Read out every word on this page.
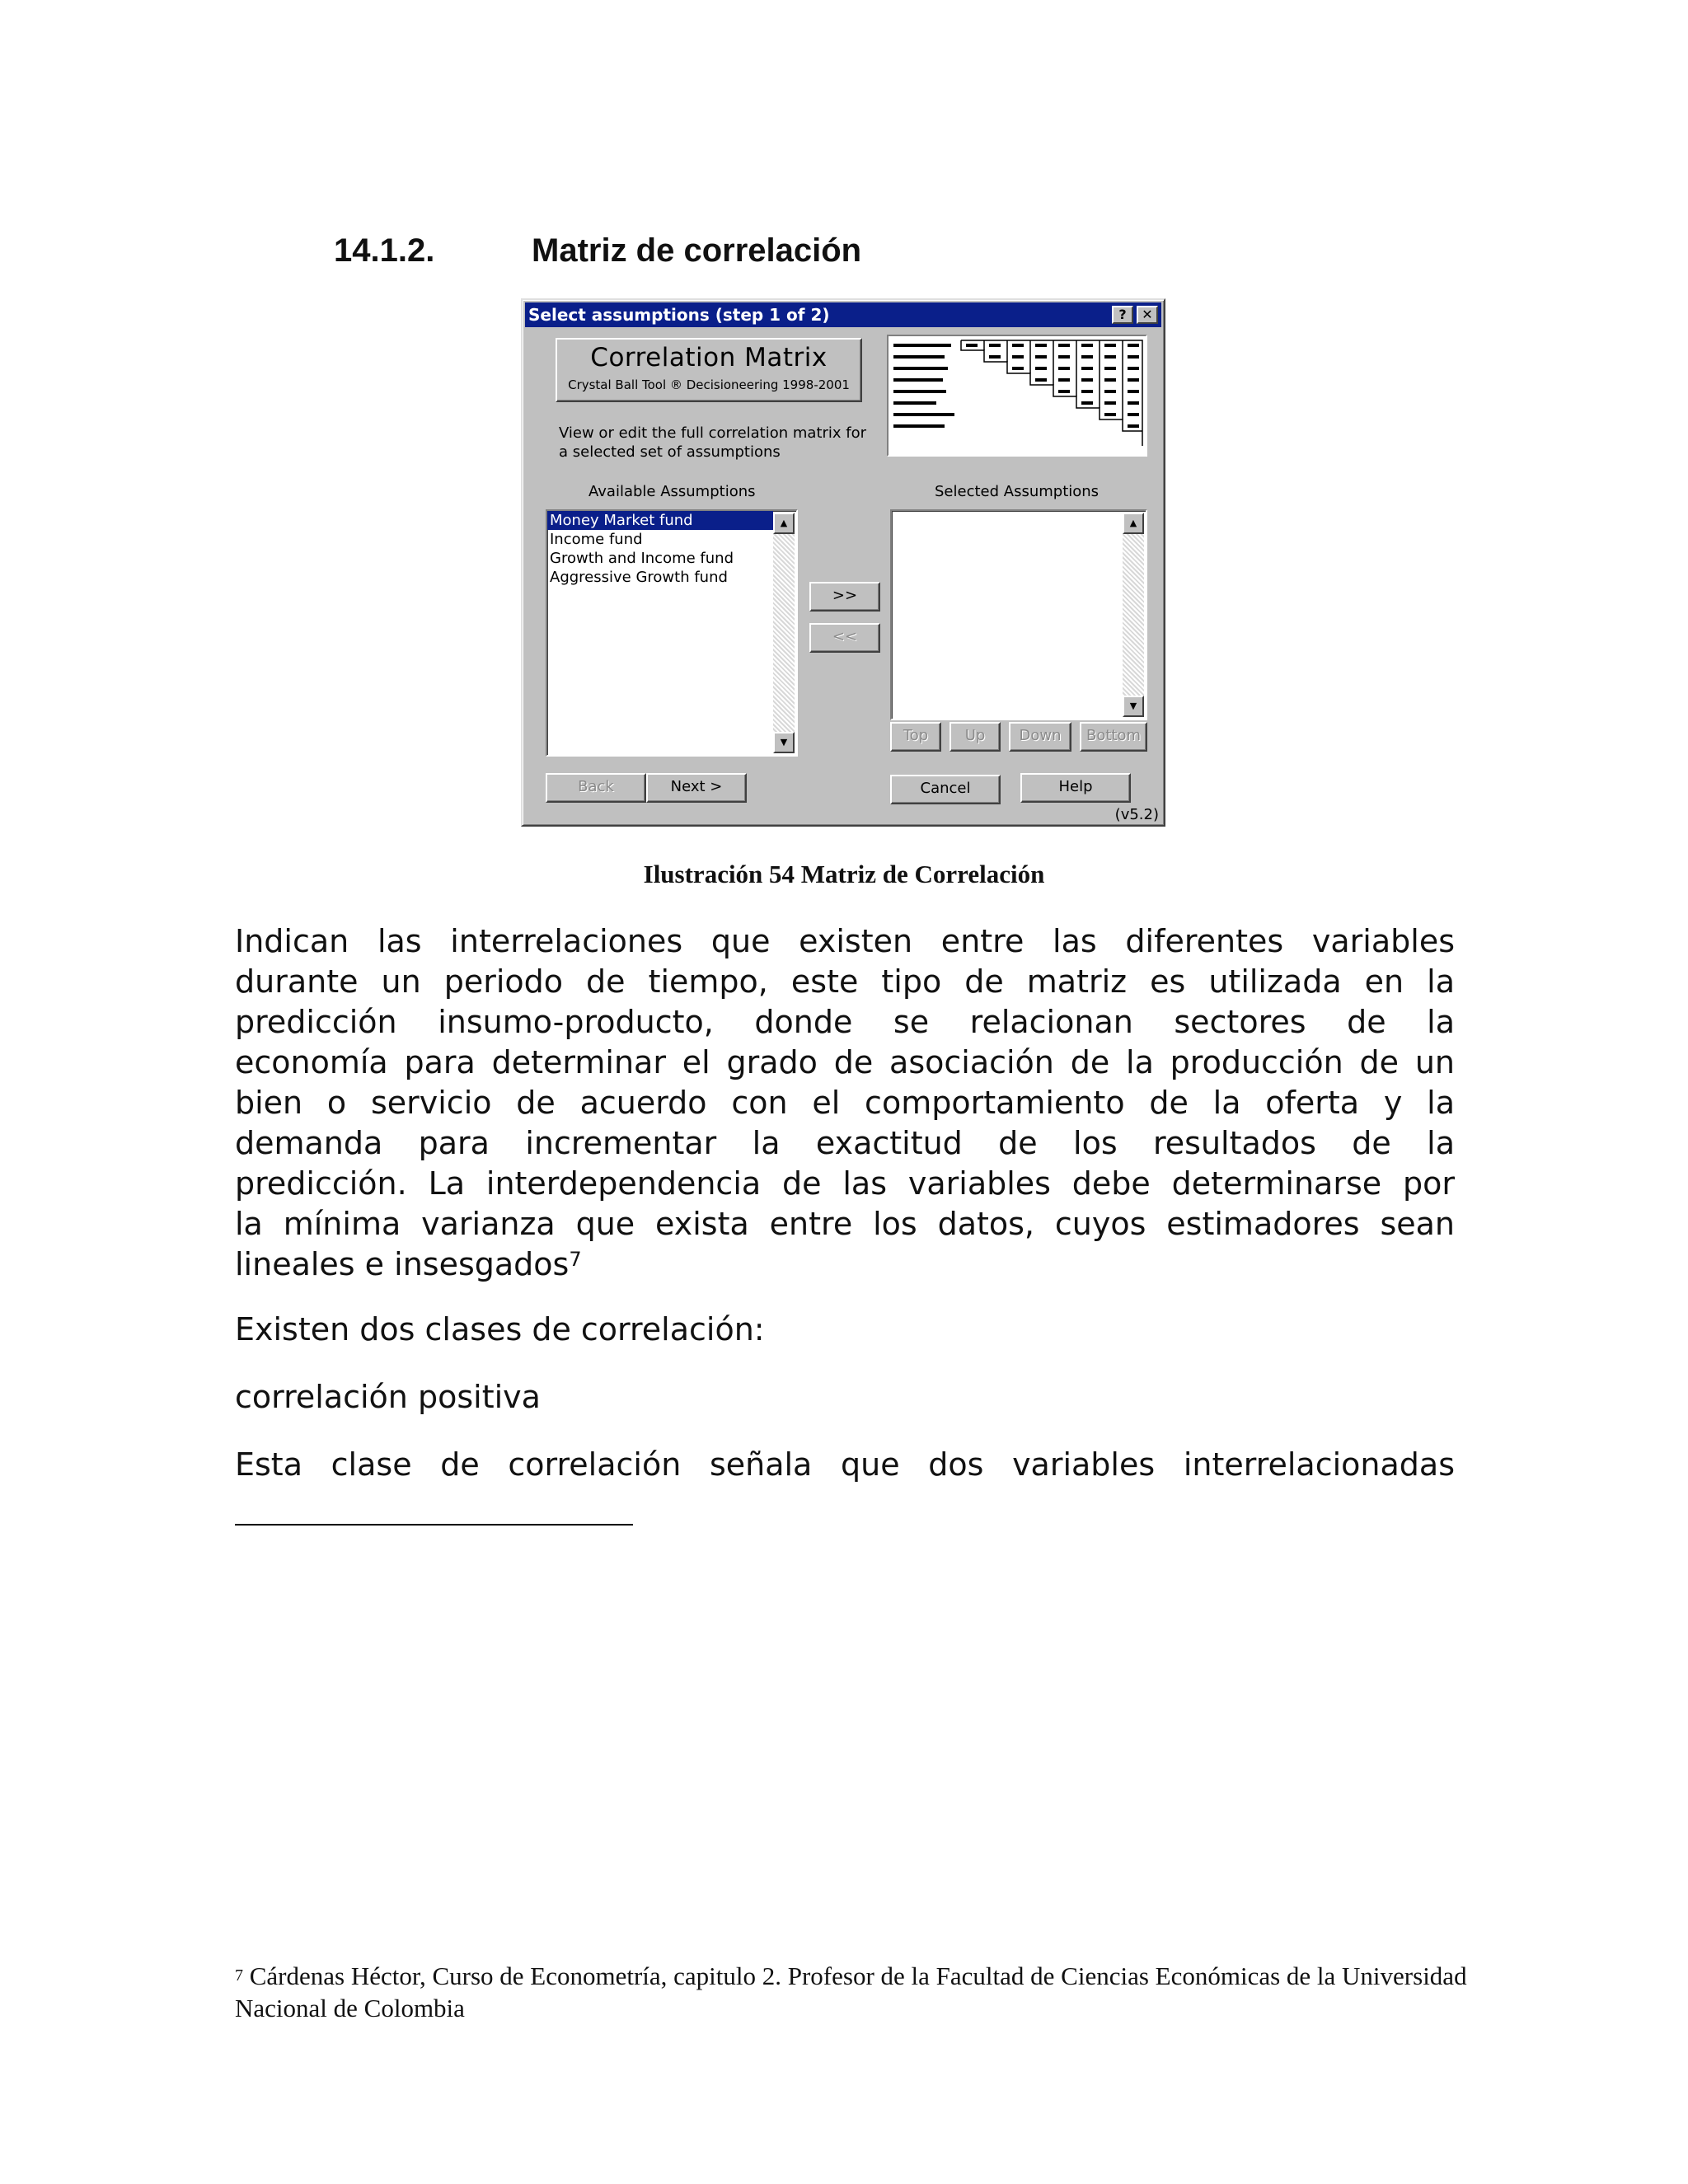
14.1.2.	Matriz de correlación
Select assumptions (step 1 of 2)	?	✕
Correlation Matrix
Crystal Ball Tool ® Decisioneering 1998-2001
View or edit the full correlation matrix for a selected set of assumptions
Available Assumptions	Selected Assumptions
Money Market fund
Income fund
Growth and Income fund
Aggressive Growth fund
▲
▼
>>
<<
▲
▼
Top	Up	Down	Bottom
Back	Next >	Cancel	Help
(v5.2)
Ilustración 54 Matriz de Correlación
Indican las interrelaciones que existen entre las diferentes variables
durante un periodo de tiempo, este tipo de matriz es utilizada en la
predicción insumo-producto, donde se relacionan sectores de la
economía para determinar el grado de asociación de la producción de un
bien o servicio de acuerdo con el comportamiento de la oferta y la
demanda para incrementar la exactitud de los resultados de la
predicción. La interdependencia de las variables debe determinarse por
la mínima varianza que exista entre los datos, cuyos estimadores sean
lineales e insesgados$^7$
Existen dos clases de correlación:
correlación positiva
Esta clase de correlación señala que dos variables interrelacionadas
$^7$ Cárdenas Héctor, Curso de Econometría, capitulo 2. Profesor de la Facultad de Ciencias Económicas de la Universidad Nacional de Colombia
